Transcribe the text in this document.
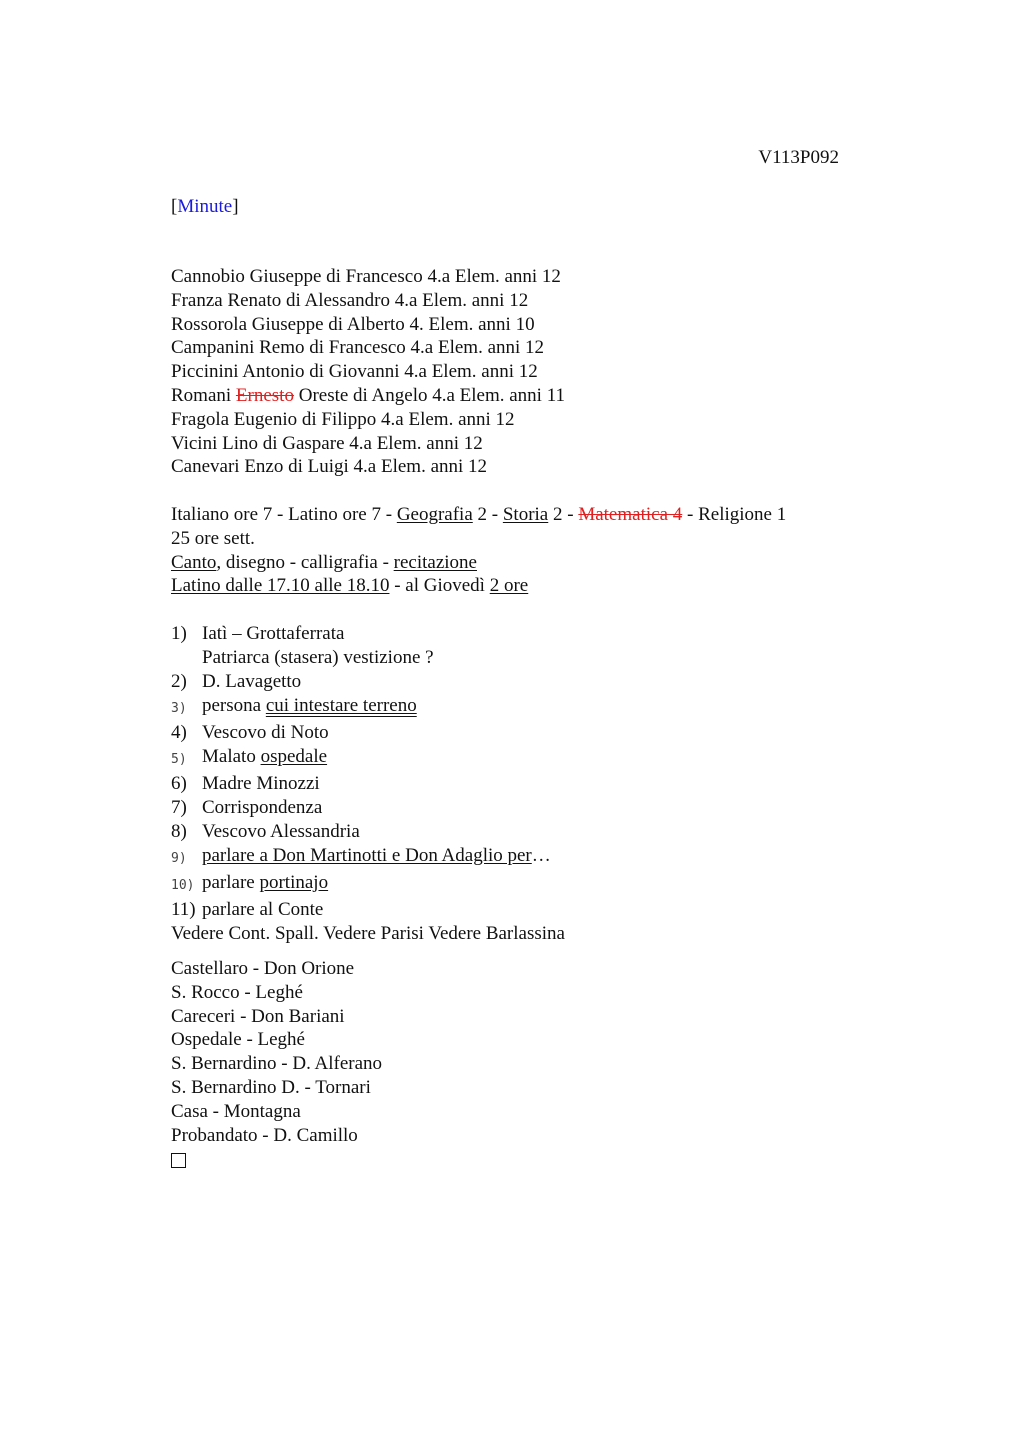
V113P092
[Minute]
Cannobio Giuseppe di Francesco 4.a Elem. anni 12
Franza Renato di Alessandro 4.a Elem. anni 12
Rossorola Giuseppe di Alberto 4. Elem. anni 10
Campanini Remo di Francesco 4.a Elem. anni 12
Piccinini Antonio di Giovanni 4.a Elem. anni 12
Romani Ernesto Oreste di Angelo 4.a Elem. anni 11
Fragola Eugenio di Filippo 4.a Elem. anni 12
Vicini Lino di Gaspare 4.a Elem. anni 12
Canevari Enzo di Luigi 4.a Elem. anni 12
Italiano ore 7 - Latino ore 7 - Geografia 2 - Storia 2 - Matematica 4 - Religione 1
25 ore sett.
Canto, disegno - calligrafia - recitazione
Latino dalle 17.10 alle 18.10 - al Giovedì 2 ore
1) Iatì – Grottaferrata
Patriarca (stasera) vestizione ?
2) D. Lavagetto
3) persona cui intestare terreno
4) Vescovo di Noto
5) Malato ospedale
6) Madre Minozzi
7) Corrispondenza
8) Vescovo Alessandria
9) parlare a Don Martinotti e Don Adaglio per…
10) parlare portinajo
11) parlare al Conte
Vedere Cont. Spall. Vedere Parisi Vedere Barlassina
Castellaro - Don Orione
S. Rocco - Leghé
Careceri - Don Bariani
Ospedale - Leghé
S. Bernardino - D. Alferano
S. Bernardino D. - Tornari
Casa - Montagna
Probandato - D. Camillo
